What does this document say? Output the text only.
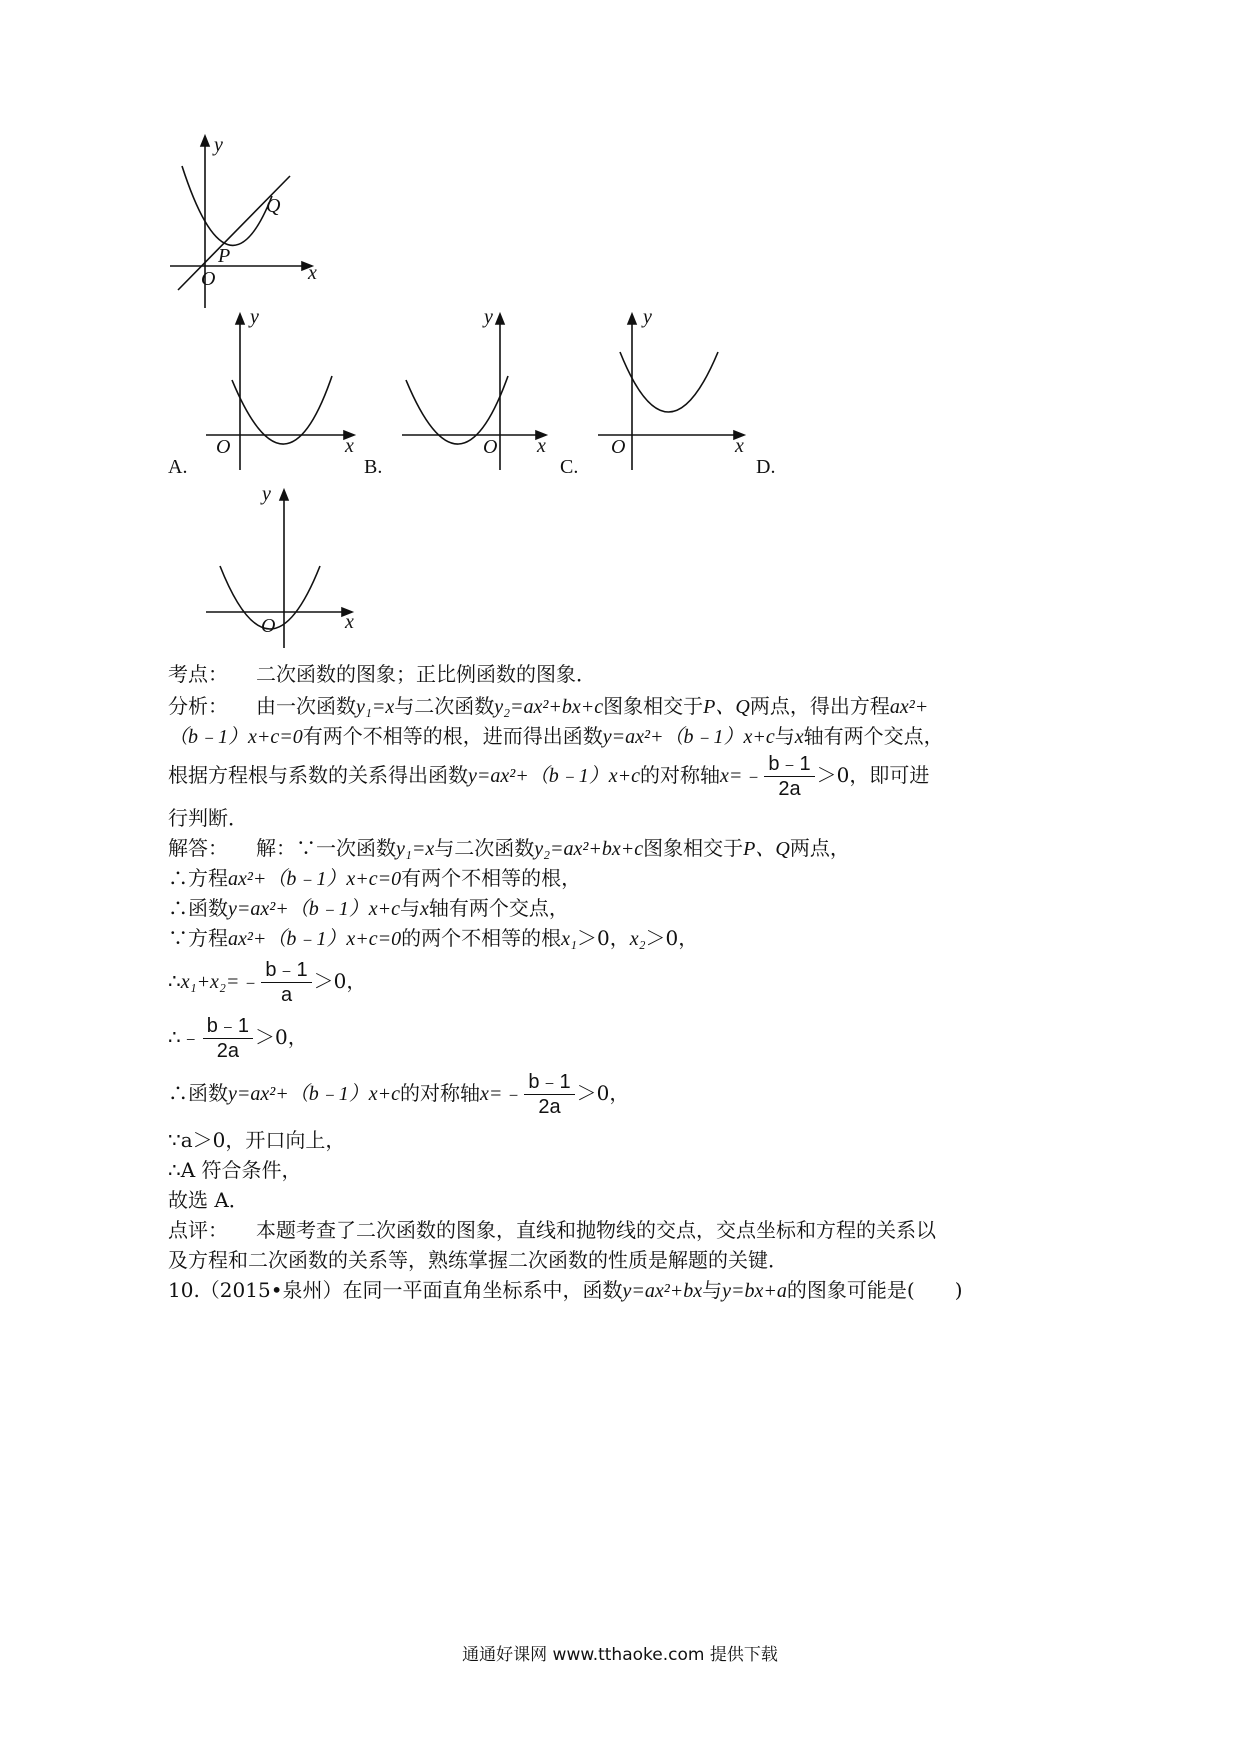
y
x
O
P
Q
y
x
O
y
x
O
y
x
O
y
x
O
A.	B.	C.	D.
考点： 二次函数的图象；正比例函数的图象．
分析： 由一次函数y₁=x与二次函数y₂=ax²+bx+c图象相交于P、Q两点，得出方程ax²+
（b﹣1）x+c=0有两个不相等的根，进而得出函数y=ax²+（b﹣1）x+c与x轴有两个交点，
根据方程根与系数的关系得出函数y=ax²+（b﹣1）x+c的对称轴x=﹣ $\frac{b﹣1}{2a} >0$，即可进
行判断．
解答： 解：∵一次函数y₁=x与二次函数y₂=ax²+bx+c图象相交于P、Q两点，
∴方程ax²+（b﹣1）x+c=0有两个不相等的根，
∴函数y=ax²+（b﹣1）x+c与x轴有两个交点，
∵方程ax²+（b﹣1）x+c=0的两个不相等的根x₁＞0，x₂＞0，
∴x₁+x₂=﹣ $\frac{b﹣1}{a} >0$，
∴﹣ $\frac{b﹣1}{2a} >0$，
∴函数y=ax²+（b﹣1）x+c的对称轴x=﹣ $\frac{b﹣1}{2a} >0$，
∵a＞0，开口向上，
∴A 符合条件，
故选 A．
点评： 本题考查了二次函数的图象，直线和抛物线的交点，交点坐标和方程的关系以
及方程和二次函数的关系等，熟练掌握二次函数的性质是解题的关键．
10.（2015•泉州）在同一平面直角坐标系中，函数y=ax²+bx与y=bx+a的图象可能是(　　)
通通好课网 www.tthaoke.com 提供下载
